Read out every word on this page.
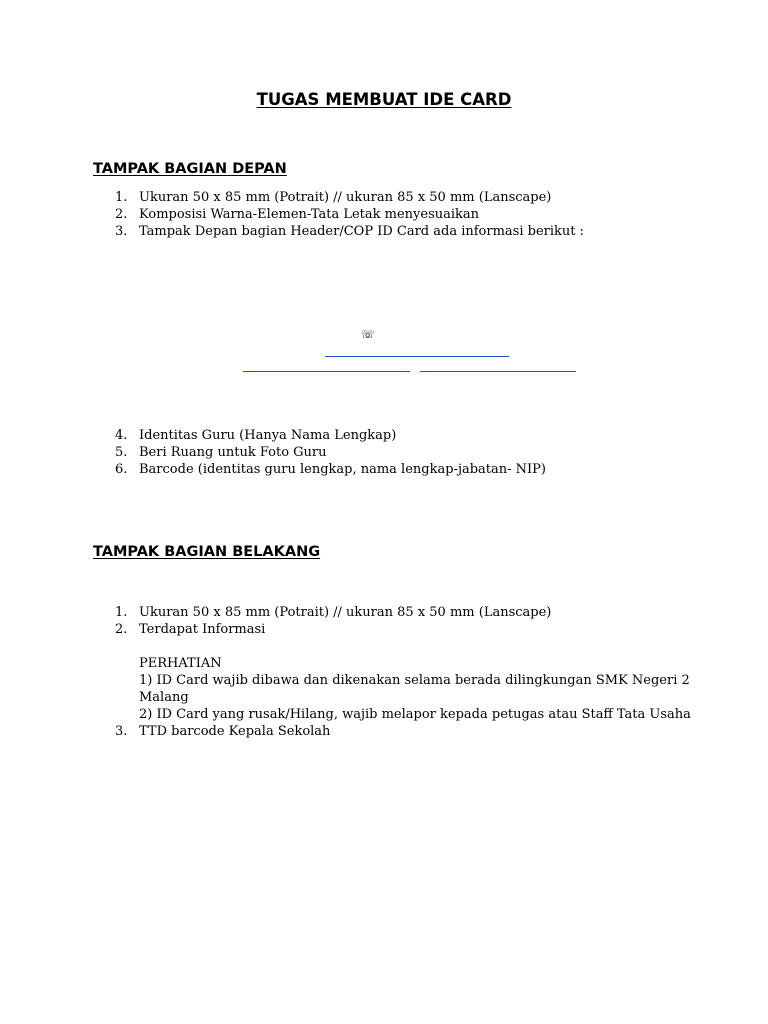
TUGAS MEMBUAT IDE CARD
TAMPAK BAGIAN DEPAN
1. Ukuran 50 x 85 mm (Potrait) // ukuran 85 x 50 mm (Lanscape)
2. Komposisi Warna-Elemen-Tata Letak menyesuaikan
3. Tampak Depan bagian Header/COP ID Card ada informasi berikut :
☏
4. Identitas Guru (Hanya Nama Lengkap)
5. Beri Ruang untuk Foto Guru
6. Barcode (identitas guru lengkap, nama lengkap-jabatan- NIP)
TAMPAK BAGIAN BELAKANG
1. Ukuran 50 x 85 mm (Potrait) // ukuran 85 x 50 mm (Lanscape)
2. Terdapat Informasi
PERHATIAN
1) ID Card wajib dibawa dan dikenakan selama berada dilingkungan SMK Negeri 2
Malang
2) ID Card yang rusak/Hilang, wajib melapor kepada petugas atau Staff Tata Usaha
3. TTD barcode Kepala Sekolah
